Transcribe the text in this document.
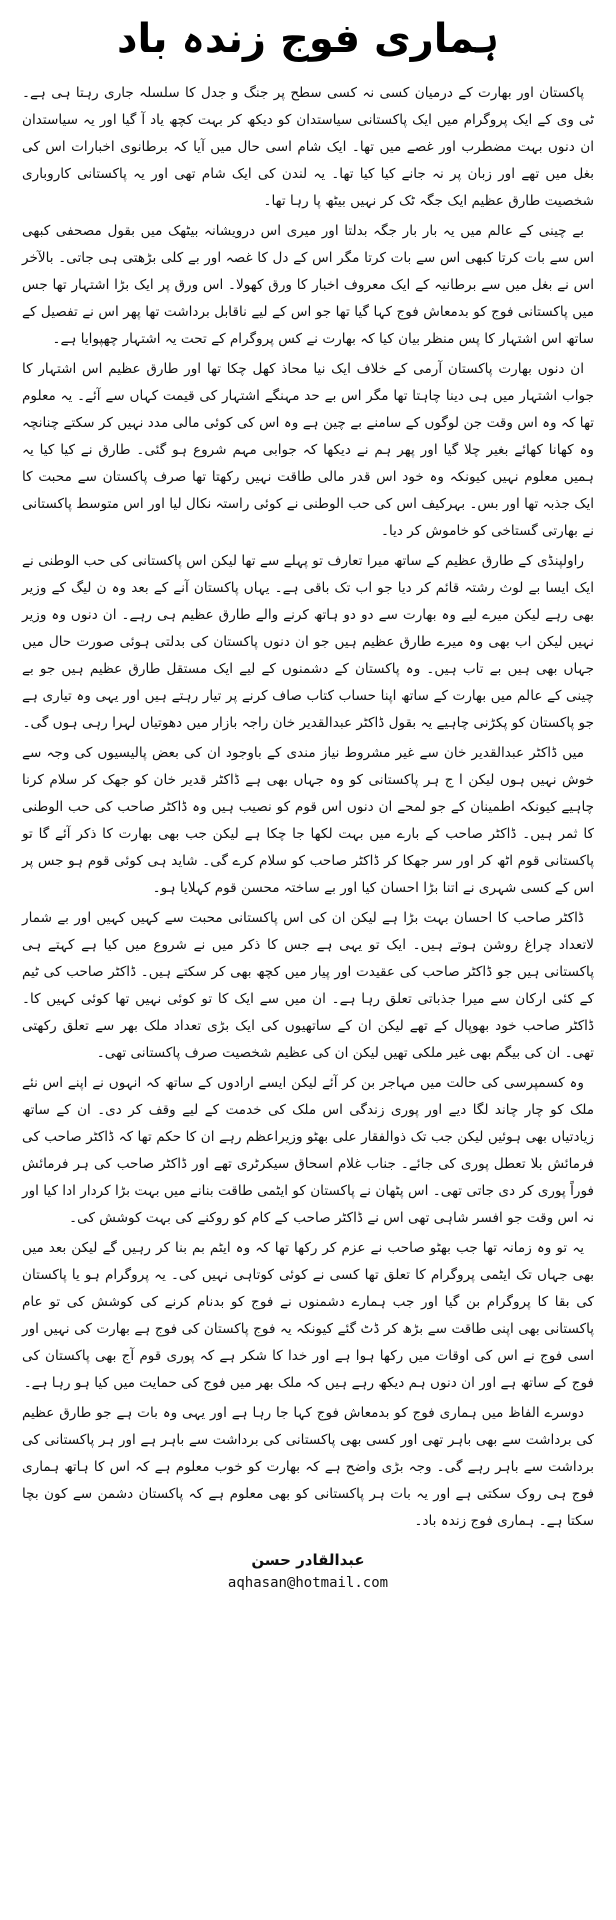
ہماری فوج زندہ باد

پاکستان اور بھارت کے درمیان کسی نہ کسی سطح پر جنگ و جدل کا سلسلہ جاری رہتا ہی ہے۔ ٹی وی کے ایک پروگرام میں ایک پاکستانی سیاستدان کو دیکھ کر بہت کچھ یاد آ گیا اور یہ سیاستدان ان دنوں بہت مضطرب اور غصے میں تھا۔ ایک شام اسی حال میں آیا کہ برطانوی اخبارات اس کی بغل میں تھے اور زبان پر نہ جانے کیا کیا تھا۔ یہ لندن کی ایک شام تھی اور یہ پاکستانی کاروباری شخصیت طارق عظیم ایک جگہ ٹک کر نہیں بیٹھ پا رہا تھا۔

بے چینی کے عالم میں یہ بار بار جگہ بدلتا اور میری اس درویشانہ بیٹھک میں بقول مصحفی کبھی اس سے بات کرتا کبھی اس سے بات کرتا مگر اس کے دل کا غصہ اور بے کلی بڑھتی ہی جاتی۔ بالآخر اس نے بغل میں سے برطانیہ کے ایک معروف اخبار کا ورق کھولا۔ اس ورق پر ایک بڑا اشتہار تھا جس میں پاکستانی فوج کو بدمعاش فوج کہا گیا تھا جو اس کے لیے ناقابل برداشت تھا پھر اس نے تفصیل کے ساتھ اس اشتہار کا پس منظر بیان کیا کہ بھارت نے کس پروگرام کے تحت یہ اشتہار چھپوایا ہے۔

ان دنوں بھارت پاکستان آرمی کے خلاف ایک نیا محاذ کھل چکا تھا اور طارق عظیم اس اشتہار کا جواب اشتہار میں ہی دینا چاہتا تھا مگر اس بے حد مہنگے اشتہار کی قیمت کہاں سے آئے۔ یہ معلوم تھا کہ وہ اس وقت جن لوگوں کے سامنے بے چین ہے وہ اس کی کوئی مالی مدد نہیں کر سکتے چنانچہ وہ کھانا کھائے بغیر چلا گیا اور پھر ہم نے دیکھا کہ جوابی مہم شروع ہو گئی۔ طارق نے کیا کیا یہ ہمیں معلوم نہیں کیونکہ وہ خود اس قدر مالی طاقت نہیں رکھتا تھا صرف پاکستان سے محبت کا ایک جذبہ تھا اور بس۔ بہرکیف اس کی حب الوطنی نے کوئی راستہ نکال لیا اور اس متوسط پاکستانی نے بھارتی گستاخی کو خاموش کر دیا۔

راولپنڈی کے طارق عظیم کے ساتھ میرا تعارف تو پہلے سے تھا لیکن اس پاکستانی کی حب الوطنی نے ایک ایسا بے لوث رشتہ قائم کر دیا جو اب تک باقی ہے۔ یہاں پاکستان آنے کے بعد وہ ن لیگ کے وزیر بھی رہے لیکن میرے لیے وہ بھارت سے دو دو ہاتھ کرنے والے طارق عظیم ہی رہے۔ ان دنوں وہ وزیر نہیں لیکن اب بھی وہ میرے طارق عظیم ہیں جو ان دنوں پاکستان کی بدلتی ہوئی صورت حال میں جہاں بھی ہیں بے تاب ہیں۔ وہ پاکستان کے دشمنوں کے لیے ایک مستقل طارق عظیم ہیں جو بے چینی کے عالم میں بھارت کے ساتھ اپنا حساب کتاب صاف کرنے پر تیار رہتے ہیں اور یہی وہ تیاری ہے جو پاکستان کو پکڑنی چاہیے یہ بقول ڈاکٹر عبدالقدیر خان راجہ بازار میں دھوتیاں لہرا رہی ہوں گی۔

میں ڈاکٹر عبدالقدیر خان سے غیر مشروط نیاز مندی کے باوجود ان کی بعض پالیسیوں کی وجہ سے خوش نہیں ہوں لیکن ا ج ہر پاکستانی کو وہ جہاں بھی ہے ڈاکٹر قدیر خان کو جھک کر سلام کرنا چاہیے کیونکہ اطمینان کے جو لمحے ان دنوں اس قوم کو نصیب ہیں وہ ڈاکٹر صاحب کی حب الوطنی کا ثمر ہیں۔ ڈاکٹر صاحب کے بارے میں بہت لکھا جا چکا ہے لیکن جب بھی بھارت کا ذکر آئے گا تو پاکستانی قوم اٹھ کر اور سر جھکا کر ڈاکٹر صاحب کو سلام کرے گی۔ شاید ہی کوئی قوم ہو جس پر اس کے کسی شہری نے اتنا بڑا احسان کیا اور بے ساختہ محسن قوم کہلایا ہو۔

ڈاکٹر صاحب کا احسان بہت بڑا ہے لیکن ان کی اس پاکستانی محبت سے کہیں کہیں اور بے شمار لاتعداد چراغ روشن ہوتے ہیں۔ ایک تو یہی ہے جس کا ذکر میں نے شروع میں کیا ہے کہتے ہی پاکستانی ہیں جو ڈاکٹر صاحب کی عقیدت اور پیار میں کچھ بھی کر سکتے ہیں۔ ڈاکٹر صاحب کی ٹیم کے کئی ارکان سے میرا جذباتی تعلق رہا ہے۔ ان میں سے ایک کا تو کوئی نہیں تھا کوئی کہیں کا۔ ڈاکٹر صاحب خود بھوپال کے تھے لیکن ان کے ساتھیوں کی ایک بڑی تعداد ملک بھر سے تعلق رکھتی تھی۔ ان کی بیگم بھی غیر ملکی تھیں لیکن ان کی عظیم شخصیت صرف پاکستانی تھی۔

وہ کسمپرسی کی حالت میں مہاجر بن کر آئے لیکن ایسے ارادوں کے ساتھ کہ انہوں نے اپنے اس نئے ملک کو چار چاند لگا دیے اور پوری زندگی اس ملک کی خدمت کے لیے وقف کر دی۔ ان کے ساتھ زیادتیاں بھی ہوئیں لیکن جب تک ذوالفقار علی بھٹو وزیراعظم رہے ان کا حکم تھا کہ ڈاکٹر صاحب کی فرمائش بلا تعطل پوری کی جائے۔ جناب غلام اسحاق سیکرٹری تھے اور ڈاکٹر صاحب کی ہر فرمائش فوراً پوری کر دی جاتی تھی۔ اس پٹھان نے پاکستان کو ایٹمی طاقت بنانے میں بہت بڑا کردار ادا کیا اور نہ اس وقت جو افسر شاہی تھی اس نے ڈاکٹر صاحب کے کام کو روکنے کی بہت کوشش کی۔

یہ تو وہ زمانہ تھا جب بھٹو صاحب نے عزم کر رکھا تھا کہ وہ ایٹم بم بنا کر رہیں گے لیکن بعد میں بھی جہاں تک ایٹمی پروگرام کا تعلق تھا کسی نے کوئی کوتاہی نہیں کی۔ یہ پروگرام ہو یا پاکستان کی بقا کا پروگرام بن گیا اور جب ہمارے دشمنوں نے فوج کو بدنام کرنے کی کوشش کی تو عام پاکستانی بھی اپنی طاقت سے بڑھ کر ڈٹ گئے کیونکہ یہ فوج پاکستان کی فوج ہے بھارت کی نہیں اور اسی فوج نے اس کی اوقات میں رکھا ہوا ہے اور خدا کا شکر ہے کہ پوری قوم آج بھی پاکستان کی فوج کے ساتھ ہے اور ان دنوں ہم دیکھ رہے ہیں کہ ملک بھر میں فوج کی حمایت میں کیا ہو رہا ہے۔

دوسرے الفاظ میں ہماری فوج کو بدمعاش فوج کہا جا رہا ہے اور یہی وہ بات ہے جو طارق عظیم کی برداشت سے بھی باہر تھی اور کسی بھی پاکستانی کی برداشت سے باہر ہے اور ہر پاکستانی کی برداشت سے باہر رہے گی۔ وجہ بڑی واضح ہے کہ بھارت کو خوب معلوم ہے کہ اس کا ہاتھ ہماری فوج ہی روک سکتی ہے اور یہ بات ہر پاکستانی کو بھی معلوم ہے کہ پاکستان دشمن سے کون بچا سکتا ہے۔ ہماری فوج زندہ باد۔

عبدالقادر حسن
aqhasan@hotmail.com
